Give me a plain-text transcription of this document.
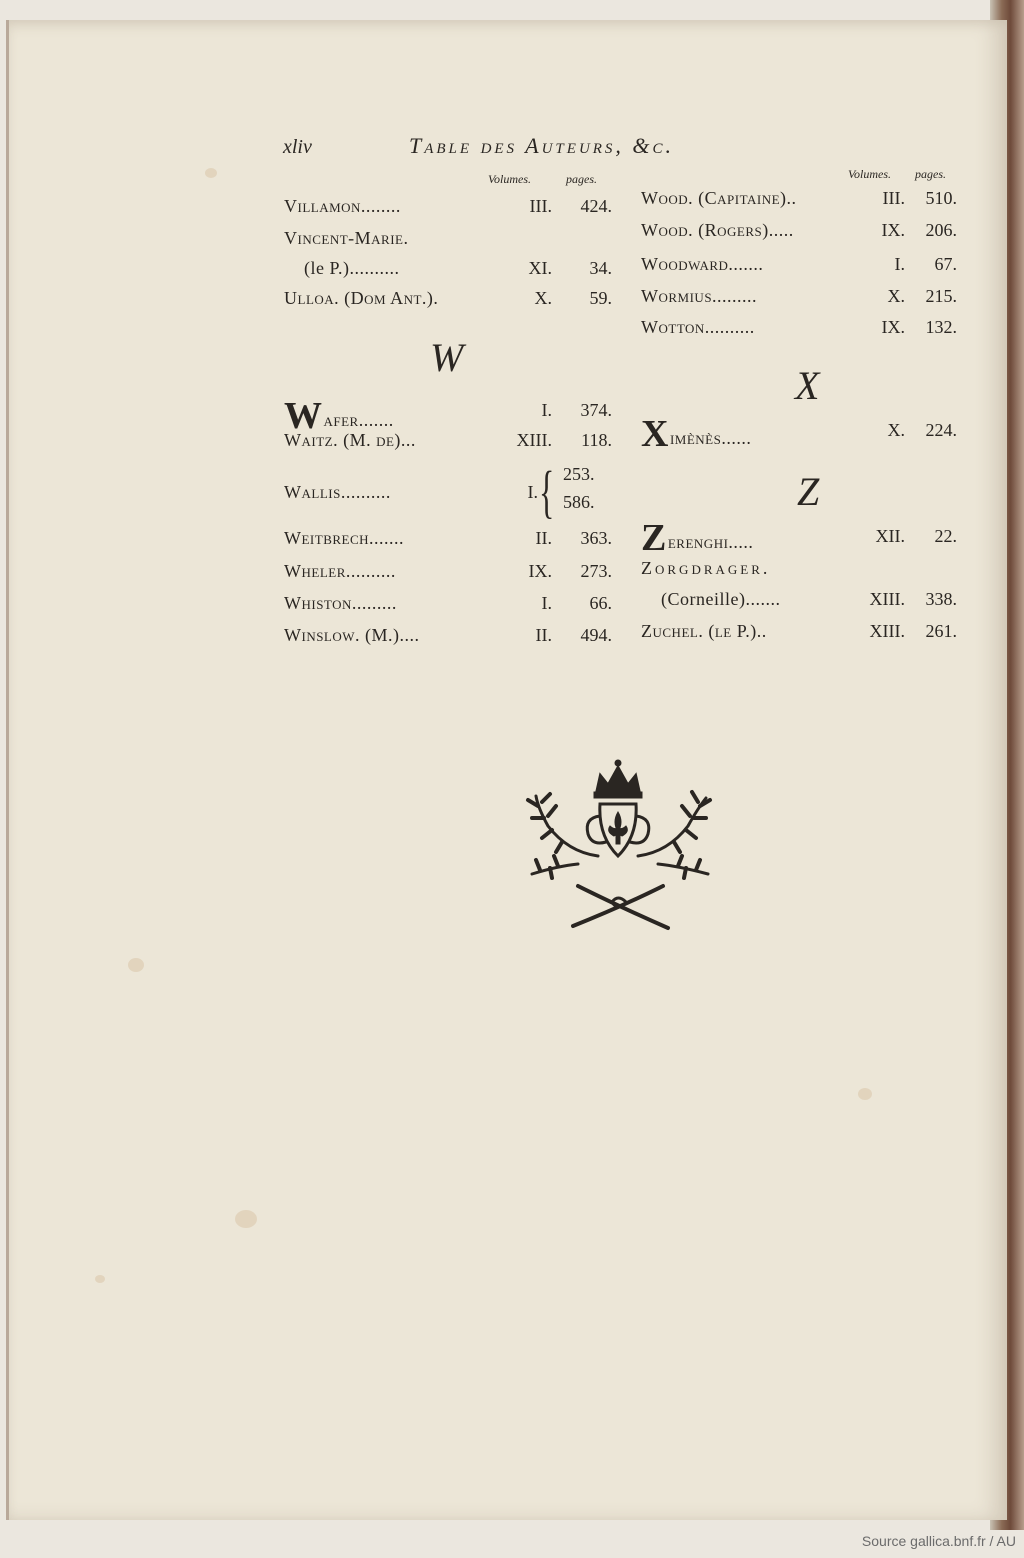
xliv	Table des Auteurs, &c.
Volumes.	pages.	Volumes. pages.
Villamon........	III. 424.
Vincent-Marie.
(le P.)..........	XI. 34.
Ulloa. (Dom Ant.).	X. 59.
W
Wafer.......	I. 374.
Waitz. (M. de)...	XIII. 118.
Wallis..........	I. { 253.
586.
Weitbrech.......	II. 363.
Wheler..........	IX. 273.
Whiston.........	I. 66.
Winslow. (M.)....	II. 494.
Wood. (Capitaine)..	III. 510.
Wood. (Rogers).....	IX. 206.
Woodward.......	I. 67.
Wormius.........	X. 215.
Wotton..........	IX. 132.
X
Ximènès......	X. 224.
Z
Zerenghi.....	XII. 22.
Zorgdrager.
(Corneille).......	XIII. 338.
Zuchel. (le P.)..	XIII. 261.
Source gallica.bnf.fr / AU
